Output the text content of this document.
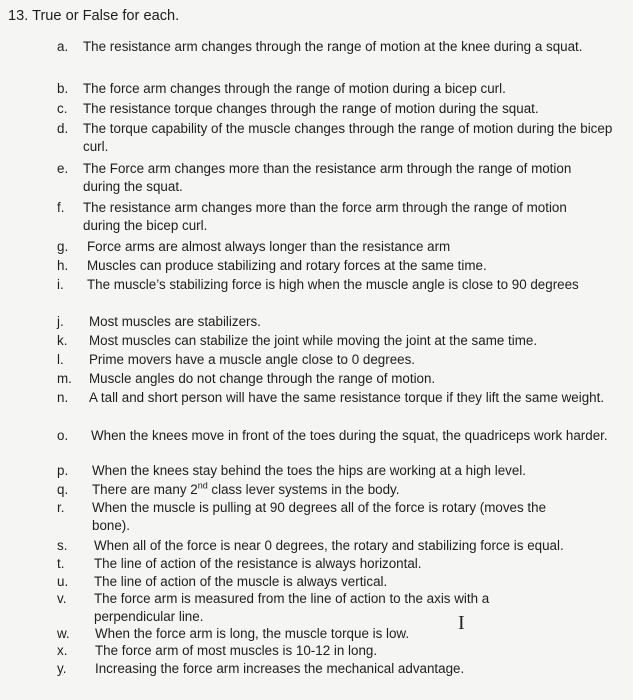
13. True or False for each.
a.	The resistance arm changes through the range of motion at the knee during a squat.
b.	The force arm changes through the range of motion during a bicep curl.
c.	The resistance torque changes through the range of motion during the squat.
d.	The torque capability of the muscle changes through the range of motion during the bicep curl.
e.	The Force arm changes more than the resistance arm through the range of motion during the squat.
f.	The resistance arm changes more than the force arm through the range of motion during the bicep curl.
g.	Force arms are almost always longer than the resistance arm
h.	Muscles can produce stabilizing and rotary forces at the same time.
i.	The muscle’s stabilizing force is high when the muscle angle is close to 90 degrees
j.	Most muscles are stabilizers.
k.	Most muscles can stabilize the joint while moving the joint at the same time.
l.	Prime movers have a muscle angle close to 0 degrees.
m. Muscle angles do not change through the range of motion.
n.	A tall and short person will have the same resistance torque if they lift the same weight.
o.	When the knees move in front of the toes during the squat, the quadriceps work harder.
p.	When the knees stay behind the toes the hips are working at a high level.
q.	There are many 2nd class lever systems in the body.
r.	When the muscle is pulling at 90 degrees all of the force is rotary (moves the bone).
s.	When all of the force is near 0 degrees, the rotary and stabilizing force is equal.
t.	The line of action of the resistance is always horizontal.
u.	The line of action of the muscle is always vertical.
v.	The force arm is measured from the line of action to the axis with a perpendicular line.
w. When the force arm is long, the muscle torque is low.
x.	The force arm of most muscles is 10-12 in long.
y.	Increasing the force arm increases the mechanical advantage.
I
